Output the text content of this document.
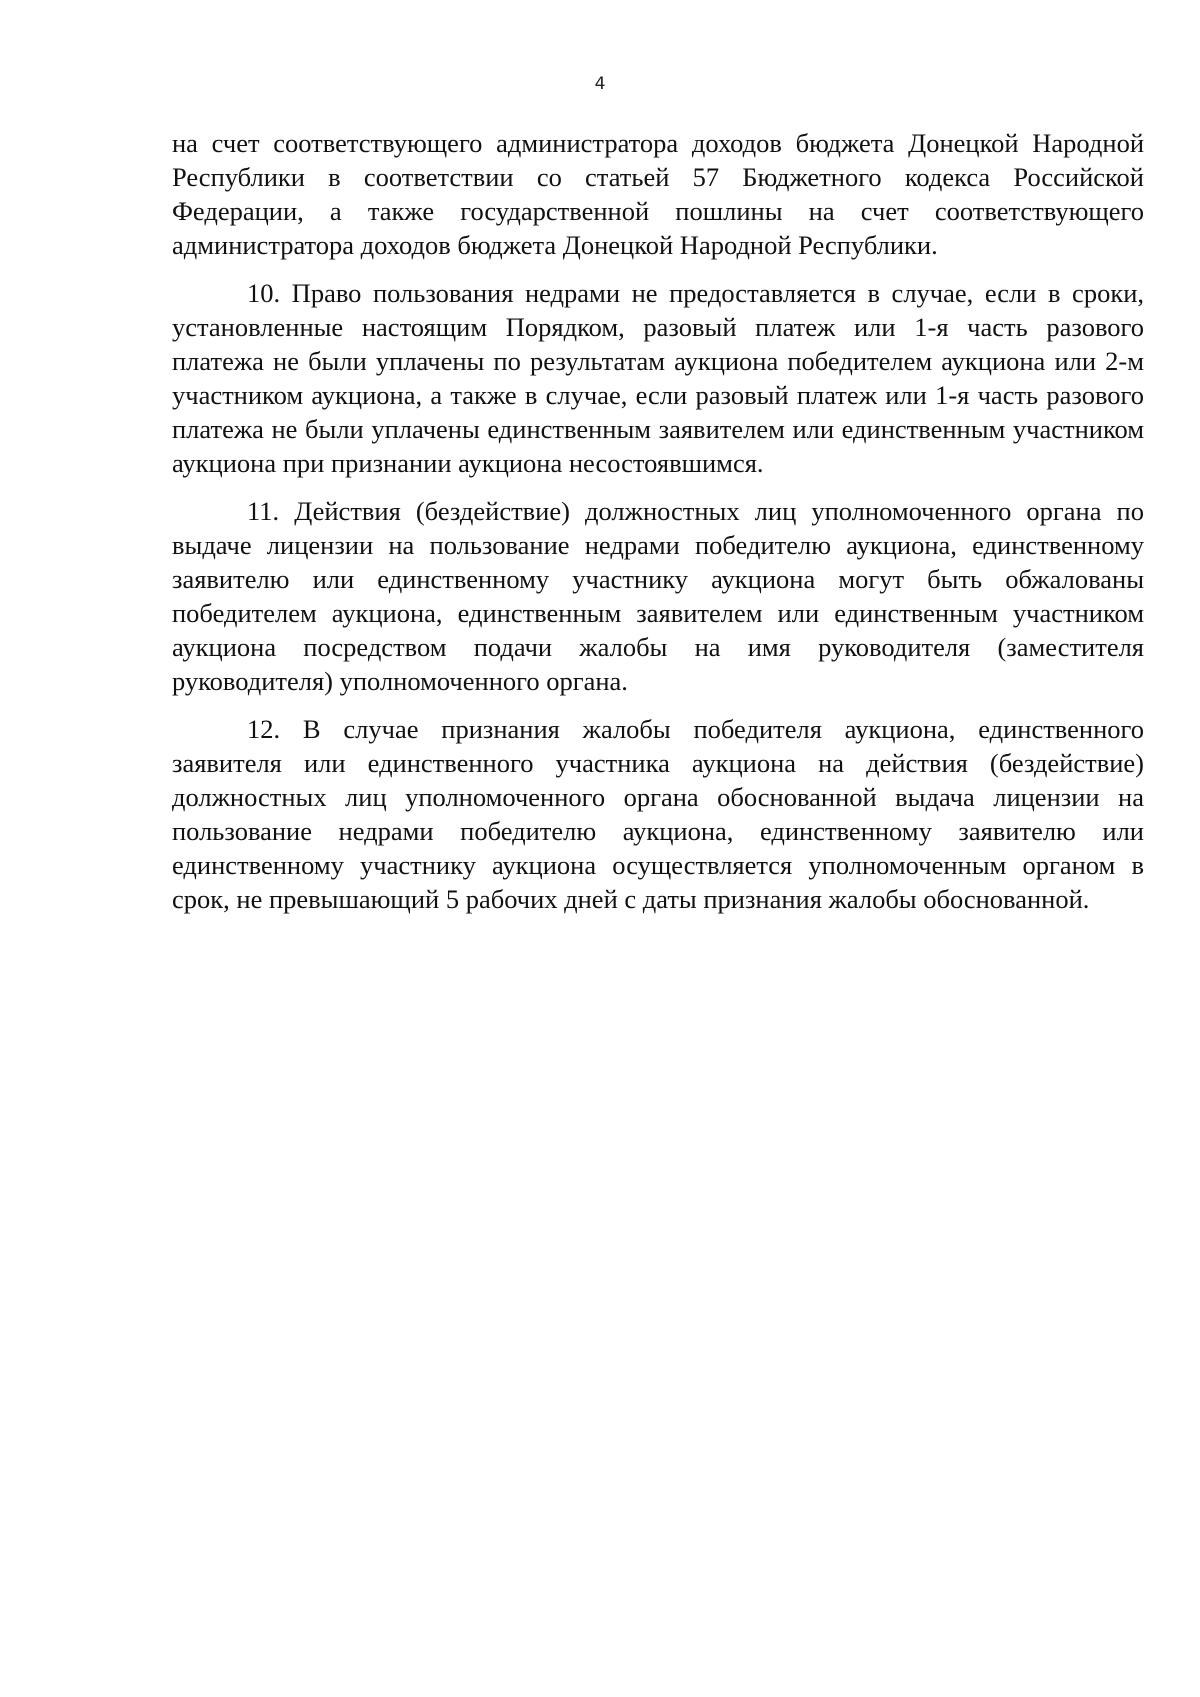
4

на счет соответствующего администратора доходов бюджета Донецкой Народной Республики в соответствии со статьей 57 Бюджетного кодекса Российской Федерации, а также государственной пошлины на счет соответствующего администратора доходов бюджета Донецкой Народной Республики.

10. Право пользования недрами не предоставляется в случае, если в сроки, установленные настоящим Порядком, разовый платеж или 1-я часть разового платежа не были уплачены по результатам аукциона победителем аукциона или 2-м участником аукциона, а также в случае, если разовый платеж или 1-я часть разового платежа не были уплачены единственным заявителем или единственным участником аукциона при признании аукциона несостоявшимся.

11. Действия (бездействие) должностных лиц уполномоченного органа по выдаче лицензии на пользование недрами победителю аукциона, единственному заявителю или единственному участнику аукциона могут быть обжалованы победителем аукциона, единственным заявителем или единственным участником аукциона посредством подачи жалобы на имя руководителя (заместителя руководителя) уполномоченного органа.

12. В случае признания жалобы победителя аукциона, единственного заявителя или единственного участника аукциона на действия (бездействие) должностных лиц уполномоченного органа обоснованной выдача лицензии на пользование недрами победителю аукциона, единственному заявителю или единственному участнику аукциона осуществляется уполномоченным органом в срок, не превышающий 5 рабочих дней с даты признания жалобы обоснованной.
